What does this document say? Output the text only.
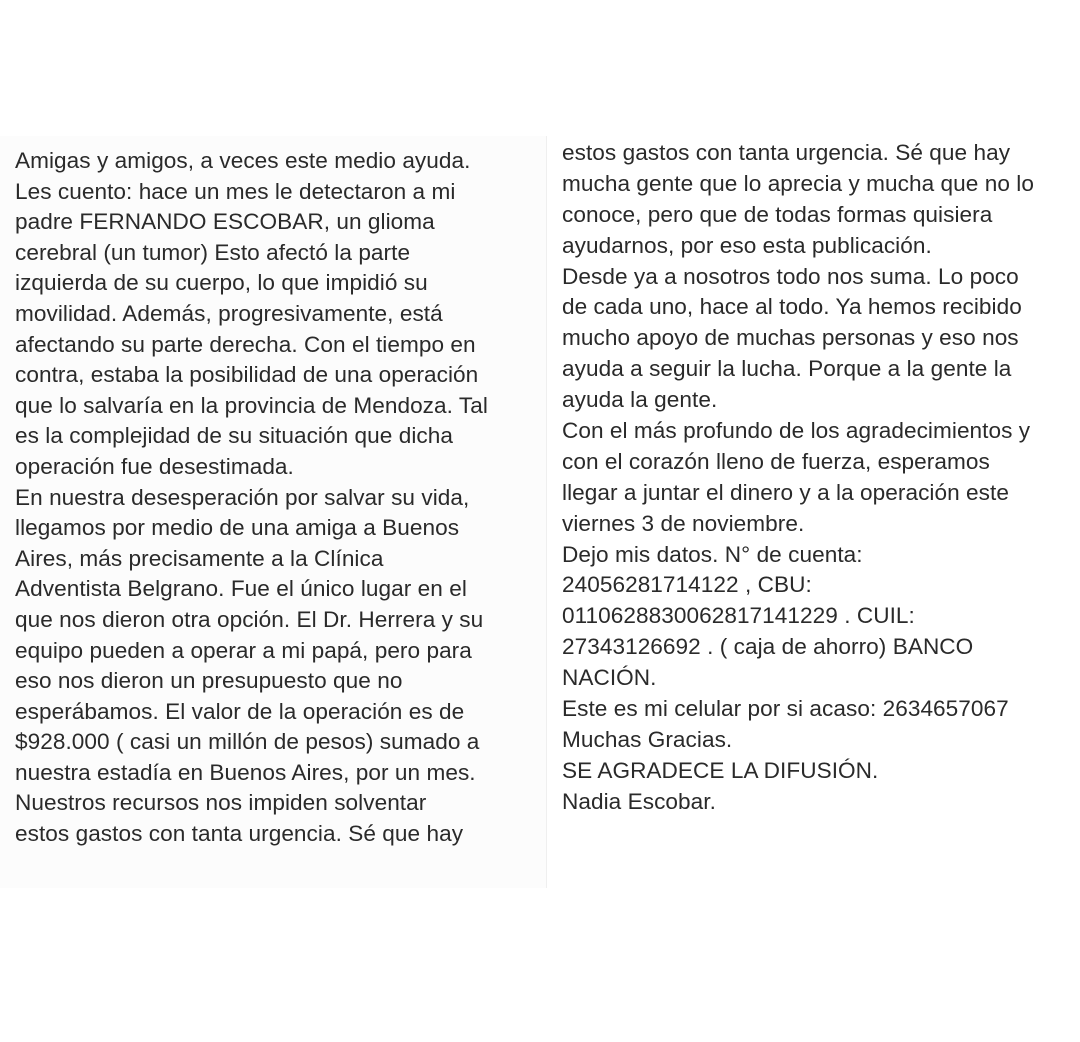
Amigas y amigos, a veces este medio ayuda.
Les cuento: hace un mes le detectaron a mi
padre FERNANDO ESCOBAR, un glioma
cerebral (un tumor) Esto afectó la parte
izquierda de su cuerpo, lo que impidió su
movilidad. Además, progresivamente, está
afectando su parte derecha. Con el tiempo en
contra, estaba la posibilidad de una operación
que lo salvaría en la provincia de Mendoza. Tal
es la complejidad de su situación que dicha
operación fue desestimada.
En nuestra desesperación por salvar su vida,
llegamos por medio de una amiga a Buenos
Aires, más precisamente a la Clínica
Adventista Belgrano. Fue el único lugar en el
que nos dieron otra opción. El Dr. Herrera y su
equipo pueden a operar a mi papá, pero para
eso nos dieron un presupuesto que no
esperábamos. El valor de la operación es de
$928.000 ( casi un millón de pesos) sumado a
nuestra estadía en Buenos Aires, por un mes.
Nuestros recursos nos impiden solventar
estos gastos con tanta urgencia. Sé que hay
estos gastos con tanta urgencia. Sé que hay
mucha gente que lo aprecia y mucha que no lo
conoce, pero que de todas formas quisiera
ayudarnos, por eso esta publicación.
Desde ya a nosotros todo nos suma. Lo poco
de cada uno, hace al todo. Ya hemos recibido
mucho apoyo de muchas personas y eso nos
ayuda a seguir la lucha. Porque a la gente la
ayuda la gente.
Con el más profundo de los agradecimientos y
con el corazón lleno de fuerza, esperamos
llegar a juntar el dinero y a la operación este
viernes 3 de noviembre.
Dejo mis datos. N° de cuenta:
24056281714122 , CBU:
01106288300628171412​29 . CUIL:
27343126692 . ( caja de ahorro) BANCO
NACIÓN.
Este es mi celular por si acaso: 2634657067
Muchas Gracias.
SE AGRADECE LA DIFUSIÓN.
Nadia Escobar.
